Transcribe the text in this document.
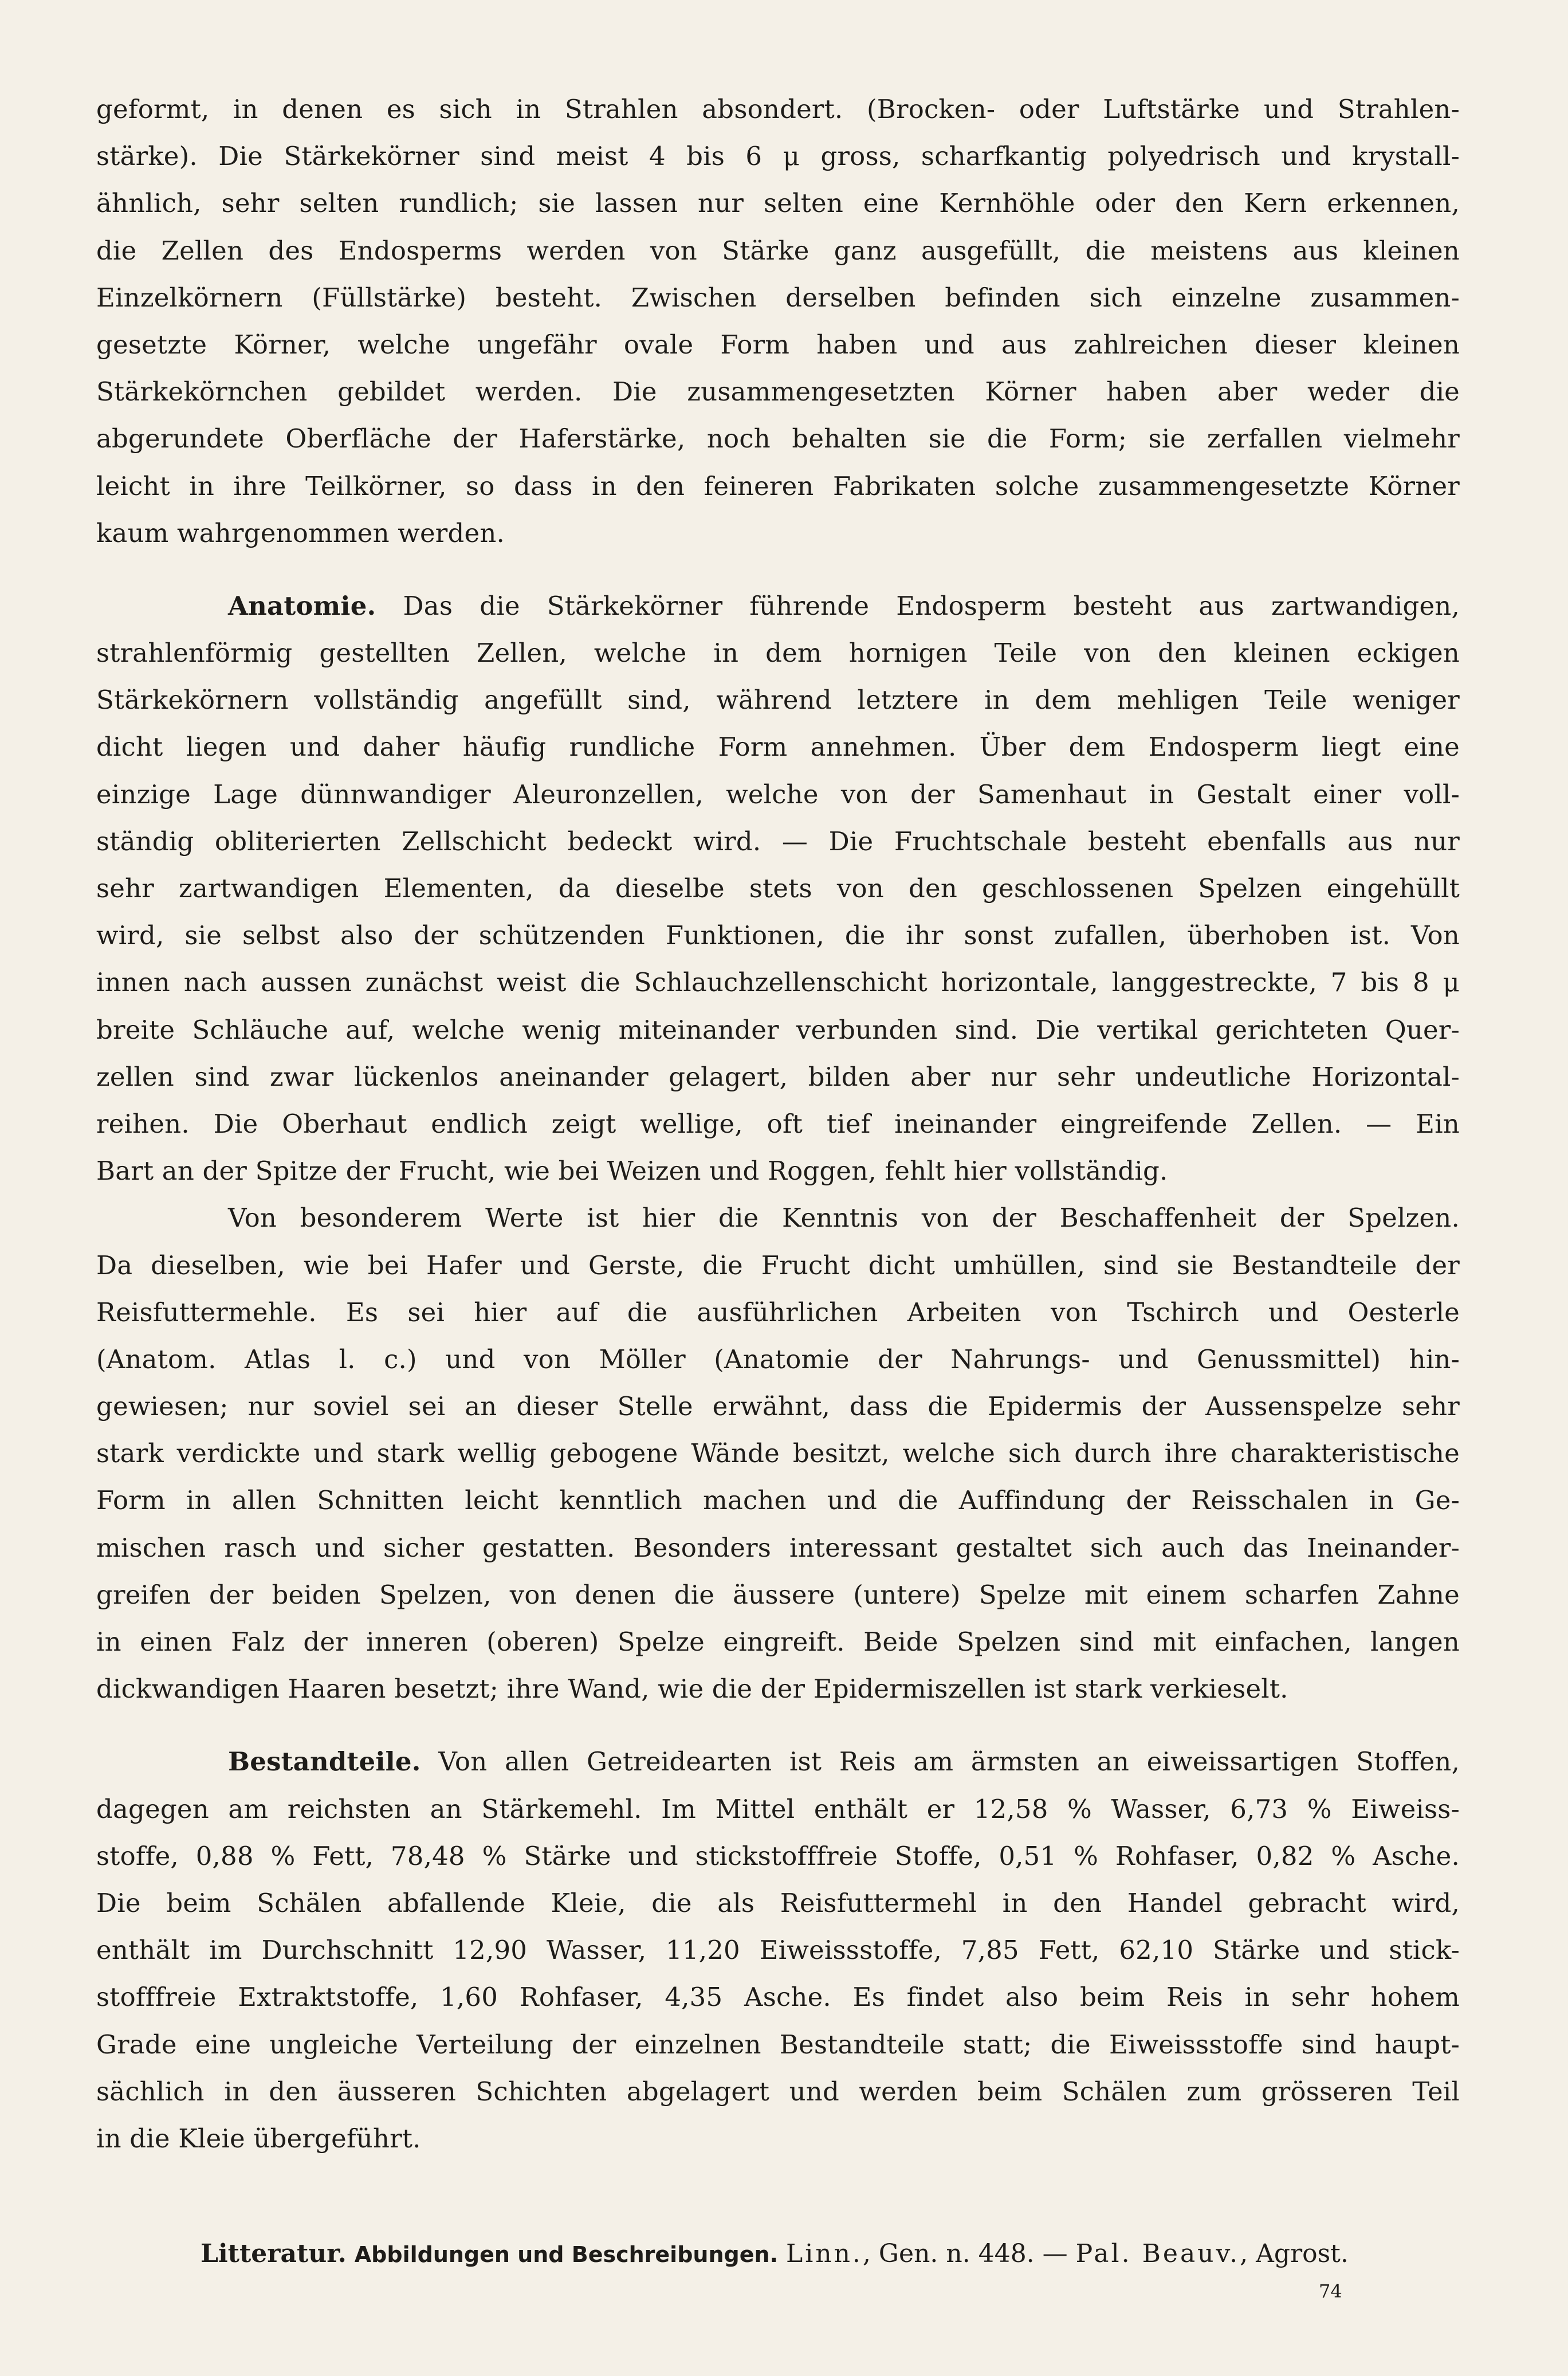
geformt, in denen es sich in Strahlen absondert. (Brocken- oder Luftstärke und Strahlen-
stärke). Die Stärkekörner sind meist 4 bis 6 μ gross, scharfkantig polyedrisch und krystall-
ähnlich, sehr selten rundlich; sie lassen nur selten eine Kernhöhle oder den Kern erkennen,
die Zellen des Endosperms werden von Stärke ganz ausgefüllt, die meistens aus kleinen
Einzelkörnern (Füllstärke) besteht. Zwischen derselben befinden sich einzelne zusammen-
gesetzte Körner, welche ungefähr ovale Form haben und aus zahlreichen dieser kleinen
Stärkekörnchen gebildet werden. Die zusammengesetzten Körner haben aber weder die
abgerundete Oberfläche der Haferstärke, noch behalten sie die Form; sie zerfallen vielmehr
leicht in ihre Teilkörner, so dass in den feineren Fabrikaten solche zusammengesetzte Körner
kaum wahrgenommen werden.
Anatomie. Das die Stärkekörner führende Endosperm besteht aus zartwandigen,
strahlenförmig gestellten Zellen, welche in dem hornigen Teile von den kleinen eckigen
Stärkekörnern vollständig angefüllt sind, während letztere in dem mehligen Teile weniger
dicht liegen und daher häufig rundliche Form annehmen. Über dem Endosperm liegt eine
einzige Lage dünnwandiger Aleuronzellen, welche von der Samenhaut in Gestalt einer voll-
ständig obliterierten Zellschicht bedeckt wird. — Die Fruchtschale besteht ebenfalls aus nur
sehr zartwandigen Elementen, da dieselbe stets von den geschlossenen Spelzen eingehüllt
wird, sie selbst also der schützenden Funktionen, die ihr sonst zufallen, überhoben ist. Von
innen nach aussen zunächst weist die Schlauchzellenschicht horizontale, langgestreckte, 7 bis 8 μ
breite Schläuche auf, welche wenig miteinander verbunden sind. Die vertikal gerichteten Quer-
zellen sind zwar lückenlos aneinander gelagert, bilden aber nur sehr undeutliche Horizontal-
reihen. Die Oberhaut endlich zeigt wellige, oft tief ineinander eingreifende Zellen. — Ein
Bart an der Spitze der Frucht, wie bei Weizen und Roggen, fehlt hier vollständig.
Von besonderem Werte ist hier die Kenntnis von der Beschaffenheit der Spelzen.
Da dieselben, wie bei Hafer und Gerste, die Frucht dicht umhüllen, sind sie Bestandteile der
Reisfuttermehle. Es sei hier auf die ausführlichen Arbeiten von Tschirch und Oesterle
(Anatom. Atlas l. c.) und von Möller (Anatomie der Nahrungs- und Genussmittel) hin-
gewiesen; nur soviel sei an dieser Stelle erwähnt, dass die Epidermis der Aussenspelze sehr
stark verdickte und stark wellig gebogene Wände besitzt, welche sich durch ihre charakteristische
Form in allen Schnitten leicht kenntlich machen und die Auffindung der Reisschalen in Ge-
mischen rasch und sicher gestatten. Besonders interessant gestaltet sich auch das Ineinander-
greifen der beiden Spelzen, von denen die äussere (untere) Spelze mit einem scharfen Zahne
in einen Falz der inneren (oberen) Spelze eingreift. Beide Spelzen sind mit einfachen, langen
dickwandigen Haaren besetzt; ihre Wand, wie die der Epidermiszellen ist stark verkieselt.
Bestandteile. Von allen Getreidearten ist Reis am ärmsten an eiweissartigen Stoffen,
dagegen am reichsten an Stärkemehl. Im Mittel enthält er 12,58 % Wasser, 6,73 % Eiweiss-
stoffe, 0,88 % Fett, 78,48 % Stärke und stickstofffreie Stoffe, 0,51 % Rohfaser, 0,82 % Asche.
Die beim Schälen abfallende Kleie, die als Reisfuttermehl in den Handel gebracht wird,
enthält im Durchschnitt 12,90 Wasser, 11,20 Eiweissstoffe, 7,85 Fett, 62,10 Stärke und stick-
stofffreie Extraktstoffe, 1,60 Rohfaser, 4,35 Asche. Es findet also beim Reis in sehr hohem
Grade eine ungleiche Verteilung der einzelnen Bestandteile statt; die Eiweissstoffe sind haupt-
sächlich in den äusseren Schichten abgelagert und werden beim Schälen zum grösseren Teil
in die Kleie übergeführt.
Litteratur. Abbildungen und Beschreibungen. Linn., Gen. n. 448. — Pal. Beauv., Agrost.
74
